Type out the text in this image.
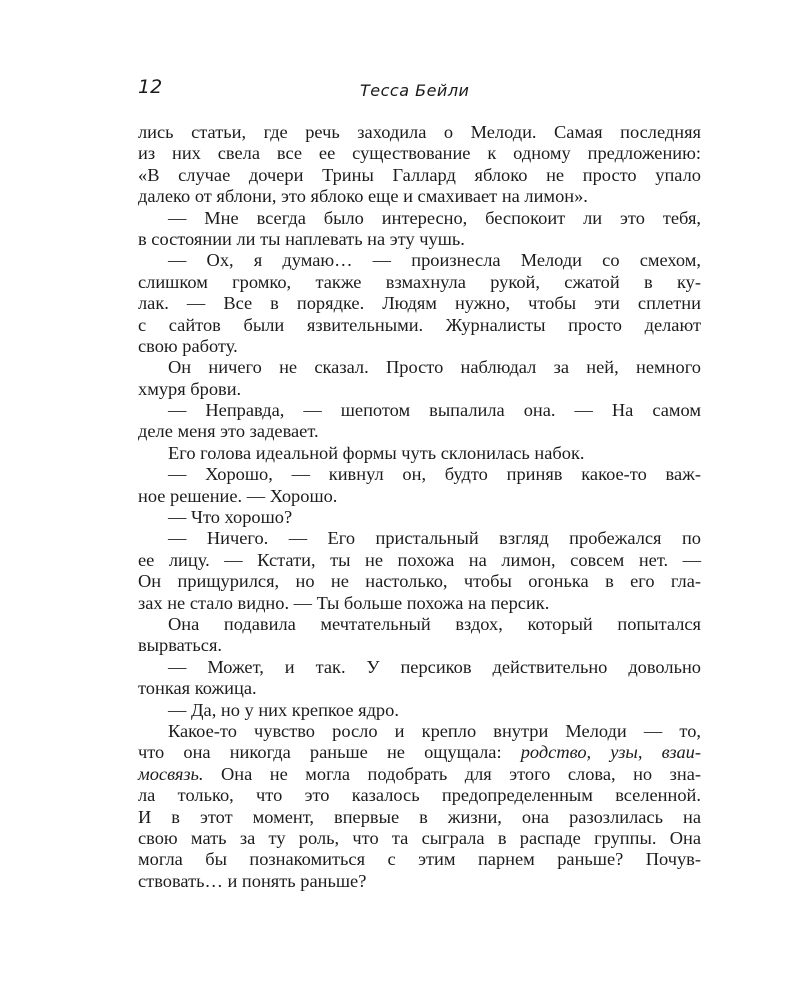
12	Тесса Бейли
лись статьи, где речь заходила о Мелоди. Самая последняя
из них свела все ее существование к одному предложению:
«В случае дочери Трины Галлард яблоко не просто упало
далеко от яблони, это яблоко еще и смахивает на лимон».
— Мне всегда было интересно, беспокоит ли это тебя,
в состоянии ли ты наплевать на эту чушь.
— Ох, я думаю… — произнесла Мелоди со смехом,
слишком громко, также взмахнула рукой, сжатой в ку-
лак. — Все в порядке. Людям нужно, чтобы эти сплетни
с сайтов были язвительными. Журналисты просто делают
свою работу.
Он ничего не сказал. Просто наблюдал за ней, немного
хмуря брови.
— Неправда, — шепотом выпалила она. — На самом
деле меня это задевает.
Его голова идеальной формы чуть склонилась набок.
— Хорошо, — кивнул он, будто приняв какое-то важ-
ное решение. — Хорошо.
— Что хорошо?
— Ничего. — Его пристальный взгляд пробежался по
ее лицу. — Кстати, ты не похожа на лимон, совсем нет. —
Он прищурился, но не настолько, чтобы огонька в его гла-
зах не стало видно. — Ты больше похожа на персик.
Она подавила мечтательный вздох, который попытался
вырваться.
— Может, и так. У персиков действительно довольно
тонкая кожица.
— Да, но у них крепкое ядро.
Какое-то чувство росло и крепло внутри Мелоди — то,
что она никогда раньше не ощущала: родство, узы, взаи-
мосвязь. Она не могла подобрать для этого слова, но зна-
ла только, что это казалось предопределенным вселенной.
И в этот момент, впервые в жизни, она разозлилась на
свою мать за ту роль, что та сыграла в распаде группы. Она
могла бы познакомиться с этим парнем раньше? Почув-
ствовать… и понять раньше?
